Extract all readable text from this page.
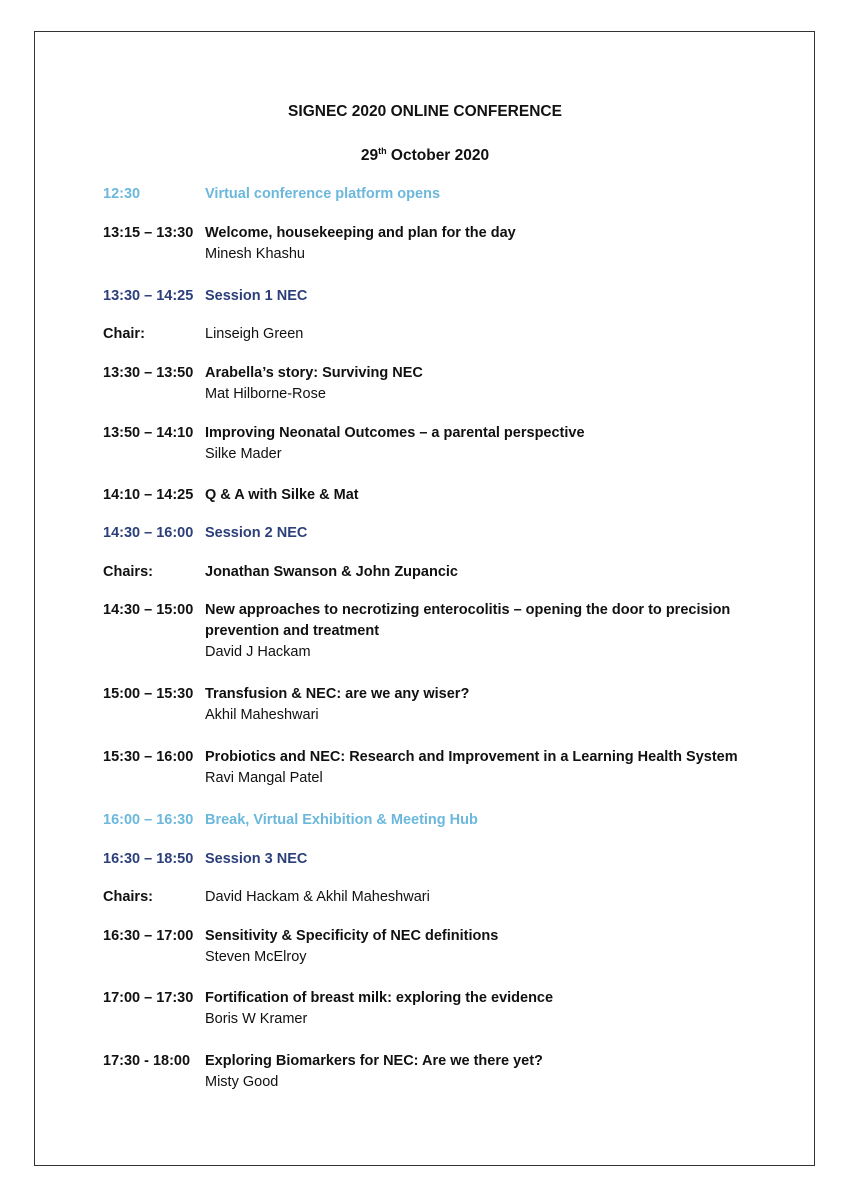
SIGNEC 2020 ONLINE CONFERENCE
29th October 2020
12:30	Virtual conference platform opens
13:15 – 13:30 Welcome, housekeeping and plan for the day
Minesh Khashu
13:30 – 14:25 Session 1 NEC
Chair:	Linseigh Green
13:30 – 13:50 Arabella’s story: Surviving NEC
Mat Hilborne-Rose
13:50 – 14:10 Improving Neonatal Outcomes – a parental perspective
Silke Mader
14:10 – 14:25 Q & A with Silke & Mat
14:30 – 16:00 Session 2 NEC
Chairs:	Jonathan Swanson & John Zupancic
14:30 – 15:00 New approaches to necrotizing enterocolitis – opening the door to precision prevention and treatment
David J Hackam
15:00 – 15:30 Transfusion & NEC: are we any wiser?
Akhil Maheshwari
15:30 – 16:00 Probiotics and NEC: Research and Improvement in a Learning Health System
Ravi Mangal Patel
16:00 – 16:30 Break, Virtual Exhibition & Meeting Hub
16:30 – 18:50 Session 3 NEC
Chairs:	David Hackam & Akhil Maheshwari
16:30 – 17:00 Sensitivity & Specificity of NEC definitions
Steven McElroy
17:00 – 17:30 Fortification of breast milk: exploring the evidence
Boris W Kramer
17:30 - 18:00 Exploring Biomarkers for NEC: Are we there yet?
Misty Good
